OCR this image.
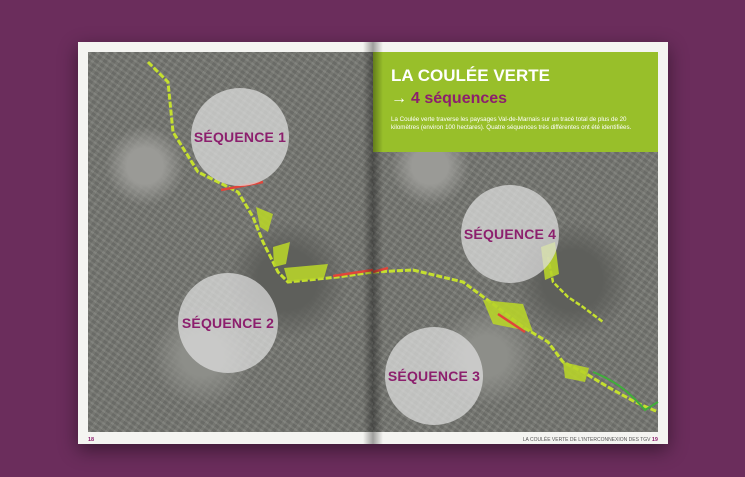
SÉQUENCE 1
SÉQUENCE 2
18
LA COULÉE VERTE
→ 4 séquences
La Coulée verte traverse les paysages Val-de-Marnais sur un tracé total de plus de 20 kilomètres (environ 100 hectares). Quatre séquences très différentes ont été identifiées.
SÉQUENCE 4
SÉQUENCE 3
LA COULÉE VERTE DE L'INTERCONNEXION DES TGV 19
